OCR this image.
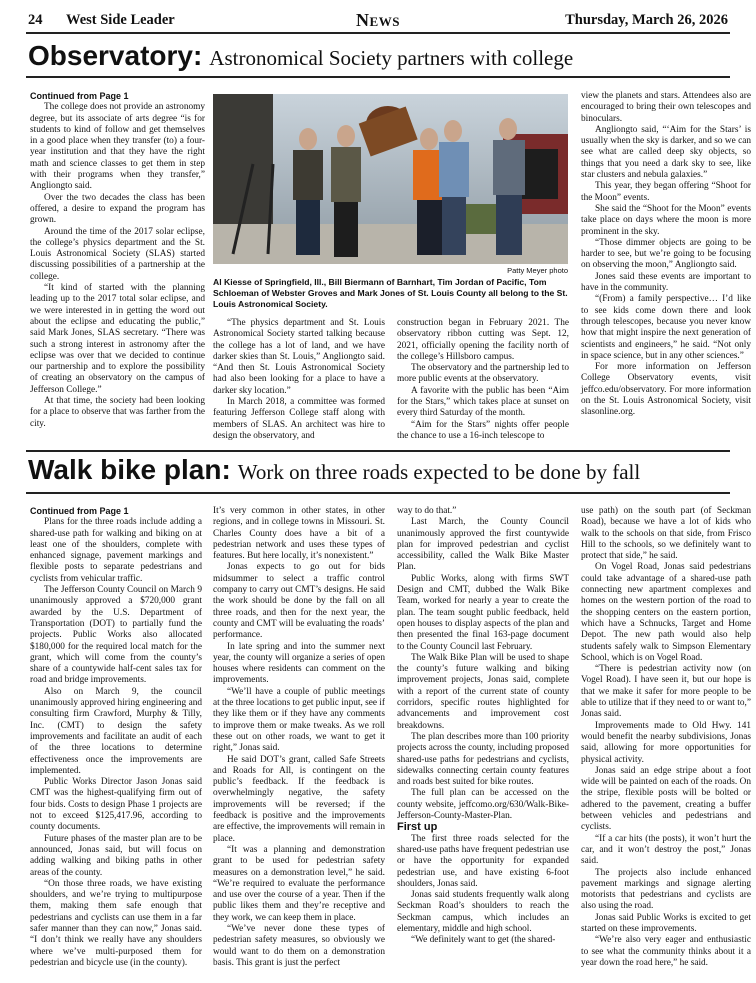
24 West Side Leader	News	Thursday, March 26, 2026
Observatory: Astronomical Society partners with college

Continued from Page 1

The college does not provide an astronomy degree, but its associate of arts degree “is for students to kind of follow and get themselves in a good place when they transfer (to) a four-year institution and that they have the right math and science classes to get them in step with their programs when they transfer,” Angliongto said.

Over the two decades the class has been offered, a desire to expand the program has grown.

Around the time of the 2017 solar eclipse, the college’s physics department and the St. Louis Astronomical Society (SLAS) started discussing possibilities of a partnership at the college.

“It kind of started with the planning leading up to the 2017 total solar eclipse, and we were interested in in getting the word out about the eclipse and educating the public,” said Mark Jones, SLAS secretary. “There was such a strong interest in astronomy after the eclipse was over that we decided to continue our partnership and to explore the possibility of creating an observatory on the campus of Jefferson College.”

At that time, the society had been looking for a place to observe that was farther from the city.

Patty Meyer photo
Al Kiesse of Springfield, Ill., Bill Biermann of Barnhart, Tim Jordan of Pacific, Tom Schloeman of Webster Groves and Mark Jones of St. Louis County all belong to the St. Louis Astronomical Society.

“The physics department and St. Louis Astronomical Society started talking because the college has a lot of land, and we have darker skies than St. Louis,” Angliongto said. “And then St. Louis Astronomical Society had also been looking for a place to have a darker sky location.”

In March 2018, a committee was formed featuring Jefferson College staff along with members of SLAS. An architect was hire to design the observatory, and

construction began in February 2021. The observatory ribbon cutting was Sept. 12, 2021, officially opening the facility north of the college’s Hillsboro campus.

The observatory and the partnership led to more public events at the observatory.

A favorite with the public has been “Aim for the Stars,” which takes place at sunset on every third Saturday of the month.

“Aim for the Stars” nights offer people the chance to use a 16-inch telescope to

view the planets and stars. Attendees also are encouraged to bring their own telescopes and binoculars.

Angliongto said, “‘Aim for the Stars’ is usually when the sky is darker, and so we can see what are called deep sky objects, so things that you need a dark sky to see, like star clusters and nebula galaxies.”

This year, they began offering “Shoot for the Moon” events.

She said the “Shoot for the Moon” events take place on days where the moon is more prominent in the sky.

“Those dimmer objects are going to be harder to see, but we’re going to be focusing on observing the moon,” Angliongto said.

Jones said these events are important to have in the community.

“(From) a family perspective… I’d like to see kids come down there and look through telescopes, because you never know how that might inspire the next generation of scientists and engineers,” he said. “Not only in space science, but in any other sciences.”

For more information on Jefferson College Observatory events, visit jeffco.edu/observatory. For more information on the St. Louis Astronomical Society, visit slasonline.org.

Walk bike plan: Work on three roads expected to be done by fall

Continued from Page 1

Plans for the three roads include adding a shared-use path for walking and biking on at least one of the shoulders, complete with enhanced signage, pavement markings and flexible posts to separate pedestrians and cyclists from vehicular traffic.

The Jefferson County Council on March 9 unanimously approved a $720,000 grant awarded by the U.S. Department of Transportation (DOT) to partially fund the projects. Public Works also allocated $180,000 for the required local match for the grant, which will come from the county’s share of a countywide half-cent sales tax for road and bridge improvements.

Also on March 9, the council unanimously approved hiring engineering and consulting firm Crawford, Murphy & Tilly, Inc. (CMT) to design the safety improvements and facilitate an audit of each of the three locations to determine effectiveness once the improvements are implemented.

Public Works Director Jason Jonas said CMT was the highest-qualifying firm out of four bids. Costs to design Phase 1 projects are not to exceed $125,417.96, according to county documents.

Future phases of the master plan are to be announced, Jonas said, but will focus on adding walking and biking paths in other areas of the county.

“On those three roads, we have existing shoulders, and we’re trying to multipurpose them, making them safe enough that pedestrians and cyclists can use them in a far safer manner than they can now,” Jonas said. “I don’t think we really have any shoulders where we’ve multi-purposed them for pedestrian and bicycle use (in the county).

It’s very common in other states, in other regions, and in college towns in Missouri. St. Charles County does have a bit of a pedestrian network and uses these types of features. But here locally, it’s nonexistent.”

Jonas expects to go out for bids midsummer to select a traffic control company to carry out CMT’s designs. He said the work should be done by the fall on all three roads, and then for the next year, the county and CMT will be evaluating the roads’ performance.

In late spring and into the summer next year, the county will organize a series of open houses where residents can comment on the improvements.

“We’ll have a couple of public meetings at the three locations to get public input, see if they like them or if they have any comments to improve them or make tweaks. As we roll these out on other roads, we want to get it right,” Jonas said.

He said DOT’s grant, called Safe Streets and Roads for All, is contingent on the public’s feedback. If the feedback is overwhelmingly negative, the safety improvements will be reversed; if the feedback is positive and the improvements are effective, the improvements will remain in place.

“It was a planning and demonstration grant to be used for pedestrian safety measures on a demonstration level,” he said. “We’re required to evaluate the performance and use over the course of a year. Then if the public likes them and they’re receptive and they work, we can keep them in place.

“We’ve never done these types of pedestrian safety measures, so obviously we would want to do them on a demonstration basis. This grant is just the perfect

way to do that.”

Last March, the County Council unanimously approved the first countywide plan for improved pedestrian and cyclist accessibility, called the Walk Bike Master Plan.

Public Works, along with firms SWT Design and CMT, dubbed the Walk Bike Team, worked for nearly a year to create the plan. The team sought public feedback, held open houses to display aspects of the plan and then presented the final 163-page document to the County Council last February.

The Walk Bike Plan will be used to shape the county’s future walking and biking improvement projects, Jonas said, complete with a report of the current state of county corridors, specific routes highlighted for advancements and improvement cost breakdowns.

The plan describes more than 100 priority projects across the county, including proposed shared-use paths for pedestrians and cyclists, sidewalks connecting certain county features and roads best suited for bike routes.

The full plan can be accessed on the county website, jeffcomo.org/630/Walk-Bike-Jefferson-County-Master-Plan.

First up

The first three roads selected for the shared-use paths have frequent pedestrian use or have the opportunity for expanded pedestrian use, and have existing 6-foot shoulders, Jonas said.

Jonas said students frequently walk along Seckman Road’s shoulders to reach the Seckman campus, which includes an elementary, middle and high school.

“We definitely want to get (the shared-

use path) on the south part (of Seckman Road), because we have a lot of kids who walk to the schools on that side, from Frisco Hill to the schools, so we definitely want to protect that side,” he said.

On Vogel Road, Jonas said pedestrians could take advantage of a shared-use path connecting new apartment complexes and homes on the western portion of the road to the shopping centers on the eastern portion, which have a Schnucks, Target and Home Depot. The new path would also help students safely walk to Simpson Elementary School, which is on Vogel Road.

“There is pedestrian activity now (on Vogel Road). I have seen it, but our hope is that we make it safer for more people to be able to utilize that if they need to or want to,” Jonas said.

Improvements made to Old Hwy. 141 would benefit the nearby subdivisions, Jonas said, allowing for more opportunities for physical activity.

Jonas said an edge stripe about a foot wide will be painted on each of the roads. On the stripe, flexible posts will be bolted or adhered to the pavement, creating a buffer between vehicles and pedestrians and cyclists.

“If a car hits (the posts), it won’t hurt the car, and it won’t destroy the post,” Jonas said.

The projects also include enhanced pavement markings and signage alerting motorists that pedestrians and cyclists are also using the road.

Jonas said Public Works is excited to get started on these improvements.

“We’re also very eager and enthusiastic to see what the community thinks about it a year down the road here,” he said.
